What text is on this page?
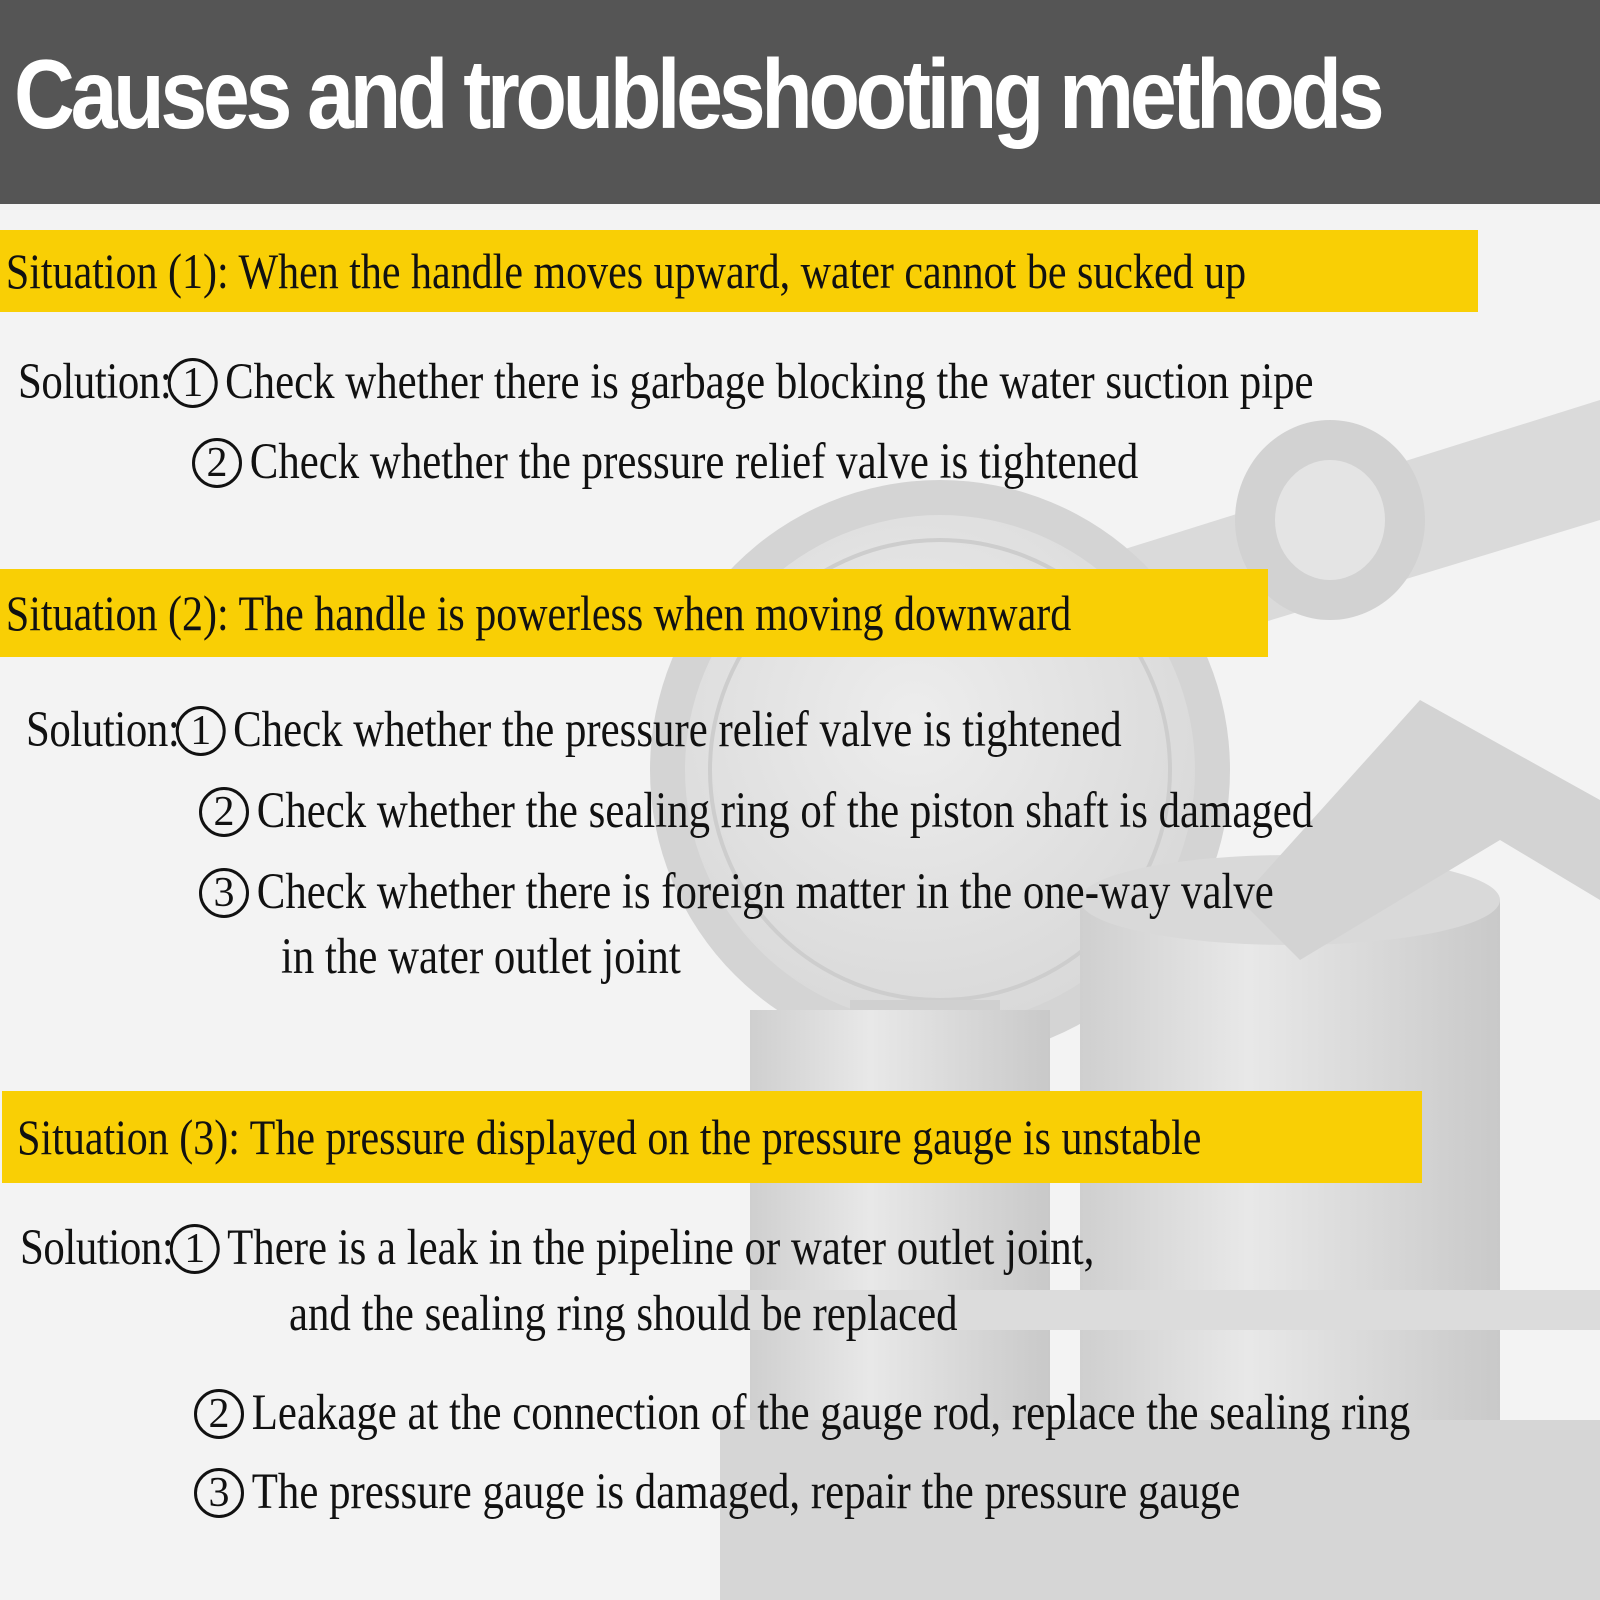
Causes and troubleshooting methods
Situation (1): When the handle moves upward, water cannot be sucked up
Solution: 1 Check whether there is garbage blocking the water suction pipe
2 Check whether the pressure relief valve is tightened
Situation (2): The handle is powerless when moving downward
Solution: 1 Check whether the pressure relief valve is tightened
2 Check whether the sealing ring of the piston shaft is damaged
3 Check whether there is foreign matter in the one-way valve
in the water outlet joint
Situation (3): The pressure displayed on the pressure gauge is unstable
Solution: 1 There is a leak in the pipeline or water outlet joint,
and the sealing ring should be replaced
2 Leakage at the connection of the gauge rod, replace the sealing ring
3 The pressure gauge is damaged, repair the pressure gauge
